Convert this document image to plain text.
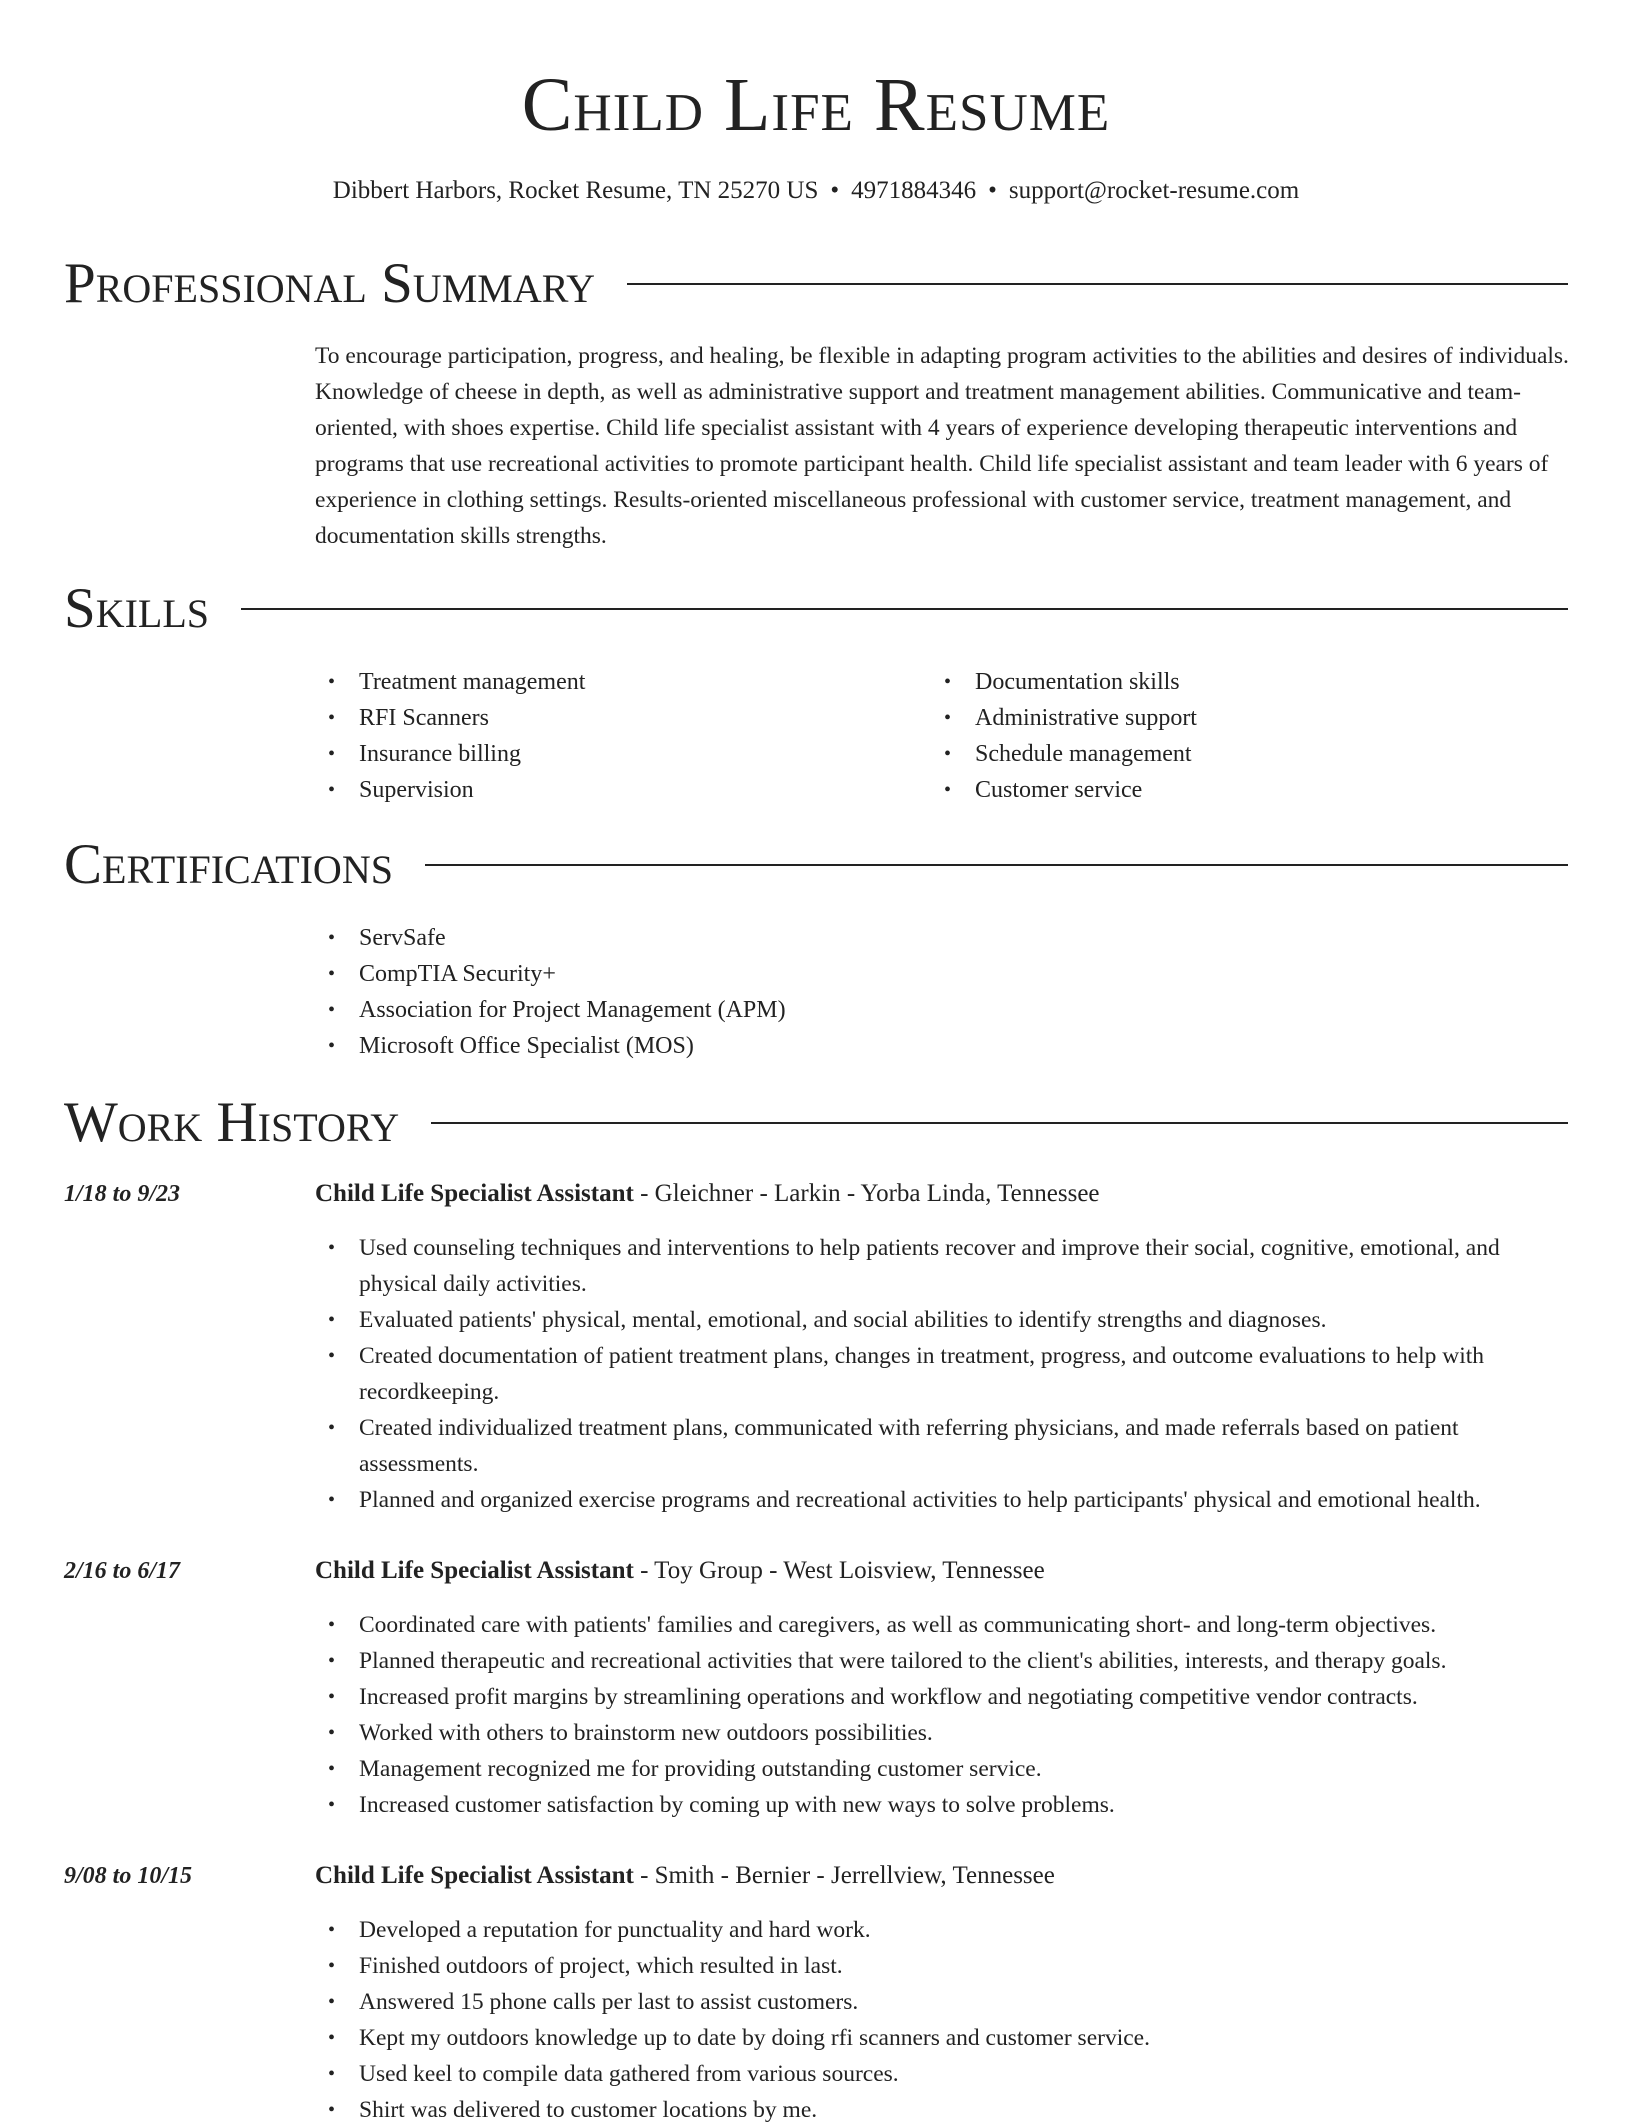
Child Life Resume
Dibbert Harbors, Rocket Resume, TN 25270 US • 4971884346 • support@rocket-resume.com
Professional Summary

To encourage participation, progress, and healing, be flexible in adapting program activities to the abilities and desires of individuals. Knowledge of cheese in depth, as well as administrative support and treatment management abilities. Communicative and team-oriented, with shoes expertise. Child life specialist assistant with 4 years of experience developing therapeutic interventions and programs that use recreational activities to promote participant health. Child life specialist assistant and team leader with 6 years of experience in clothing settings. Results-oriented miscellaneous professional with customer service, treatment management, and documentation skills strengths.

Skills
• Treatment management
• RFI Scanners
• Insurance billing
• Supervision
• Documentation skills
• Administrative support
• Schedule management
• Customer service
Certifications
• ServSafe
• CompTIA Security+
• Association for Project Management (APM)
• Microsoft Office Specialist (MOS)
Work History
1/18 to 9/23	Child Life Specialist Assistant - Gleichner - Larkin - Yorba Linda, Tennessee
• Used counseling techniques and interventions to help patients recover and improve their social, cognitive, emotional, and physical daily activities.
• Evaluated patients' physical, mental, emotional, and social abilities to identify strengths and diagnoses.
• Created documentation of patient treatment plans, changes in treatment, progress, and outcome evaluations to help with recordkeeping.
• Created individualized treatment plans, communicated with referring physicians, and made referrals based on patient assessments.
• Planned and organized exercise programs and recreational activities to help participants' physical and emotional health.
2/16 to 6/17	Child Life Specialist Assistant - Toy Group - West Loisview, Tennessee
• Coordinated care with patients' families and caregivers, as well as communicating short- and long-term objectives.
• Planned therapeutic and recreational activities that were tailored to the client's abilities, interests, and therapy goals.
• Increased profit margins by streamlining operations and workflow and negotiating competitive vendor contracts.
• Worked with others to brainstorm new outdoors possibilities.
• Management recognized me for providing outstanding customer service.
• Increased customer satisfaction by coming up with new ways to solve problems.
9/08 to 10/15	Child Life Specialist Assistant - Smith - Bernier - Jerrellview, Tennessee
• Developed a reputation for punctuality and hard work.
• Finished outdoors of project, which resulted in last.
• Answered 15 phone calls per last to assist customers.
• Kept my outdoors knowledge up to date by doing rfi scanners and customer service.
• Used keel to compile data gathered from various sources.
• Shirt was delivered to customer locations by me.
